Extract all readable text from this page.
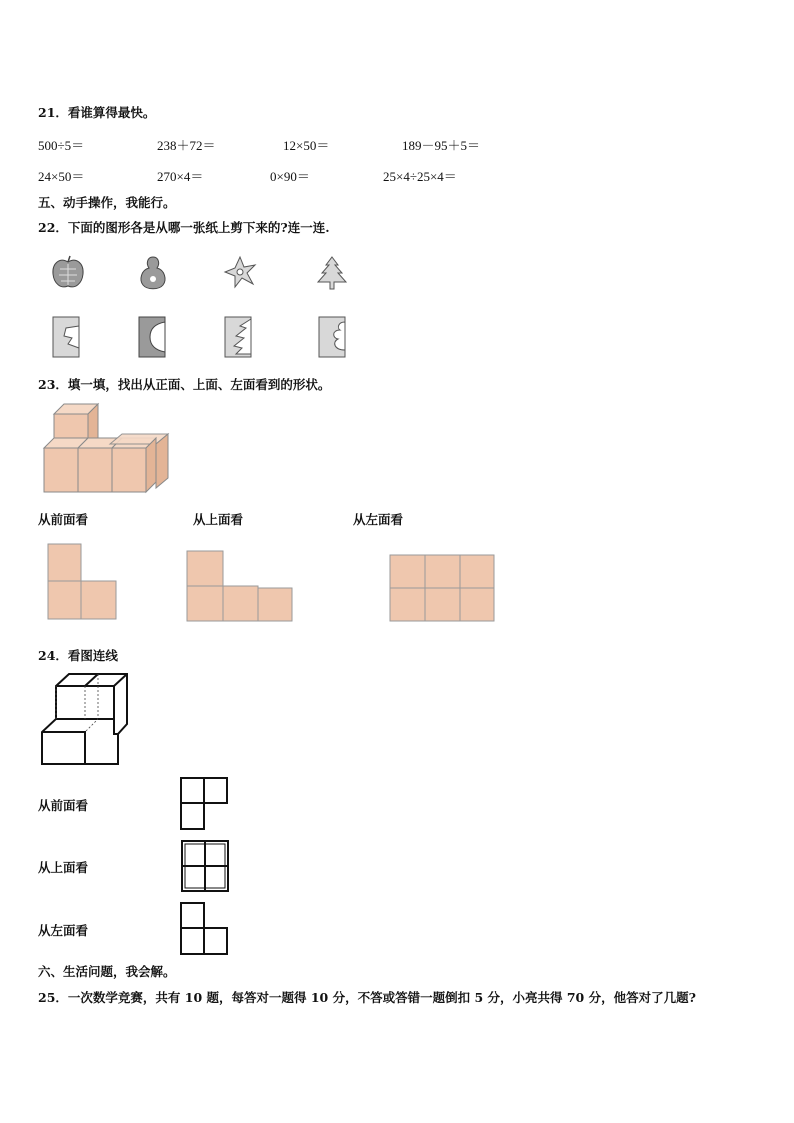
21．看谁算得最快。
500÷5＝	238＋72＝	12×50＝	189－95＋5＝
24×50＝	270×4＝	0×90＝	25×4÷25×4＝
五、动手操作，我能行。
22．下面的图形各是从哪一张纸上剪下来的?连一连.
23．填一填，找出从正面、上面、左面看到的形状。
从前面看	从上面看	从左面看
24．看图连线
从前面看
从上面看
从左面看
六、生活问题，我会解。
25．一次数学竞赛，共有 10 题，每答对一题得 10 分，不答或答错一题倒扣 5 分，小亮共得 70 分，他答对了几题?
